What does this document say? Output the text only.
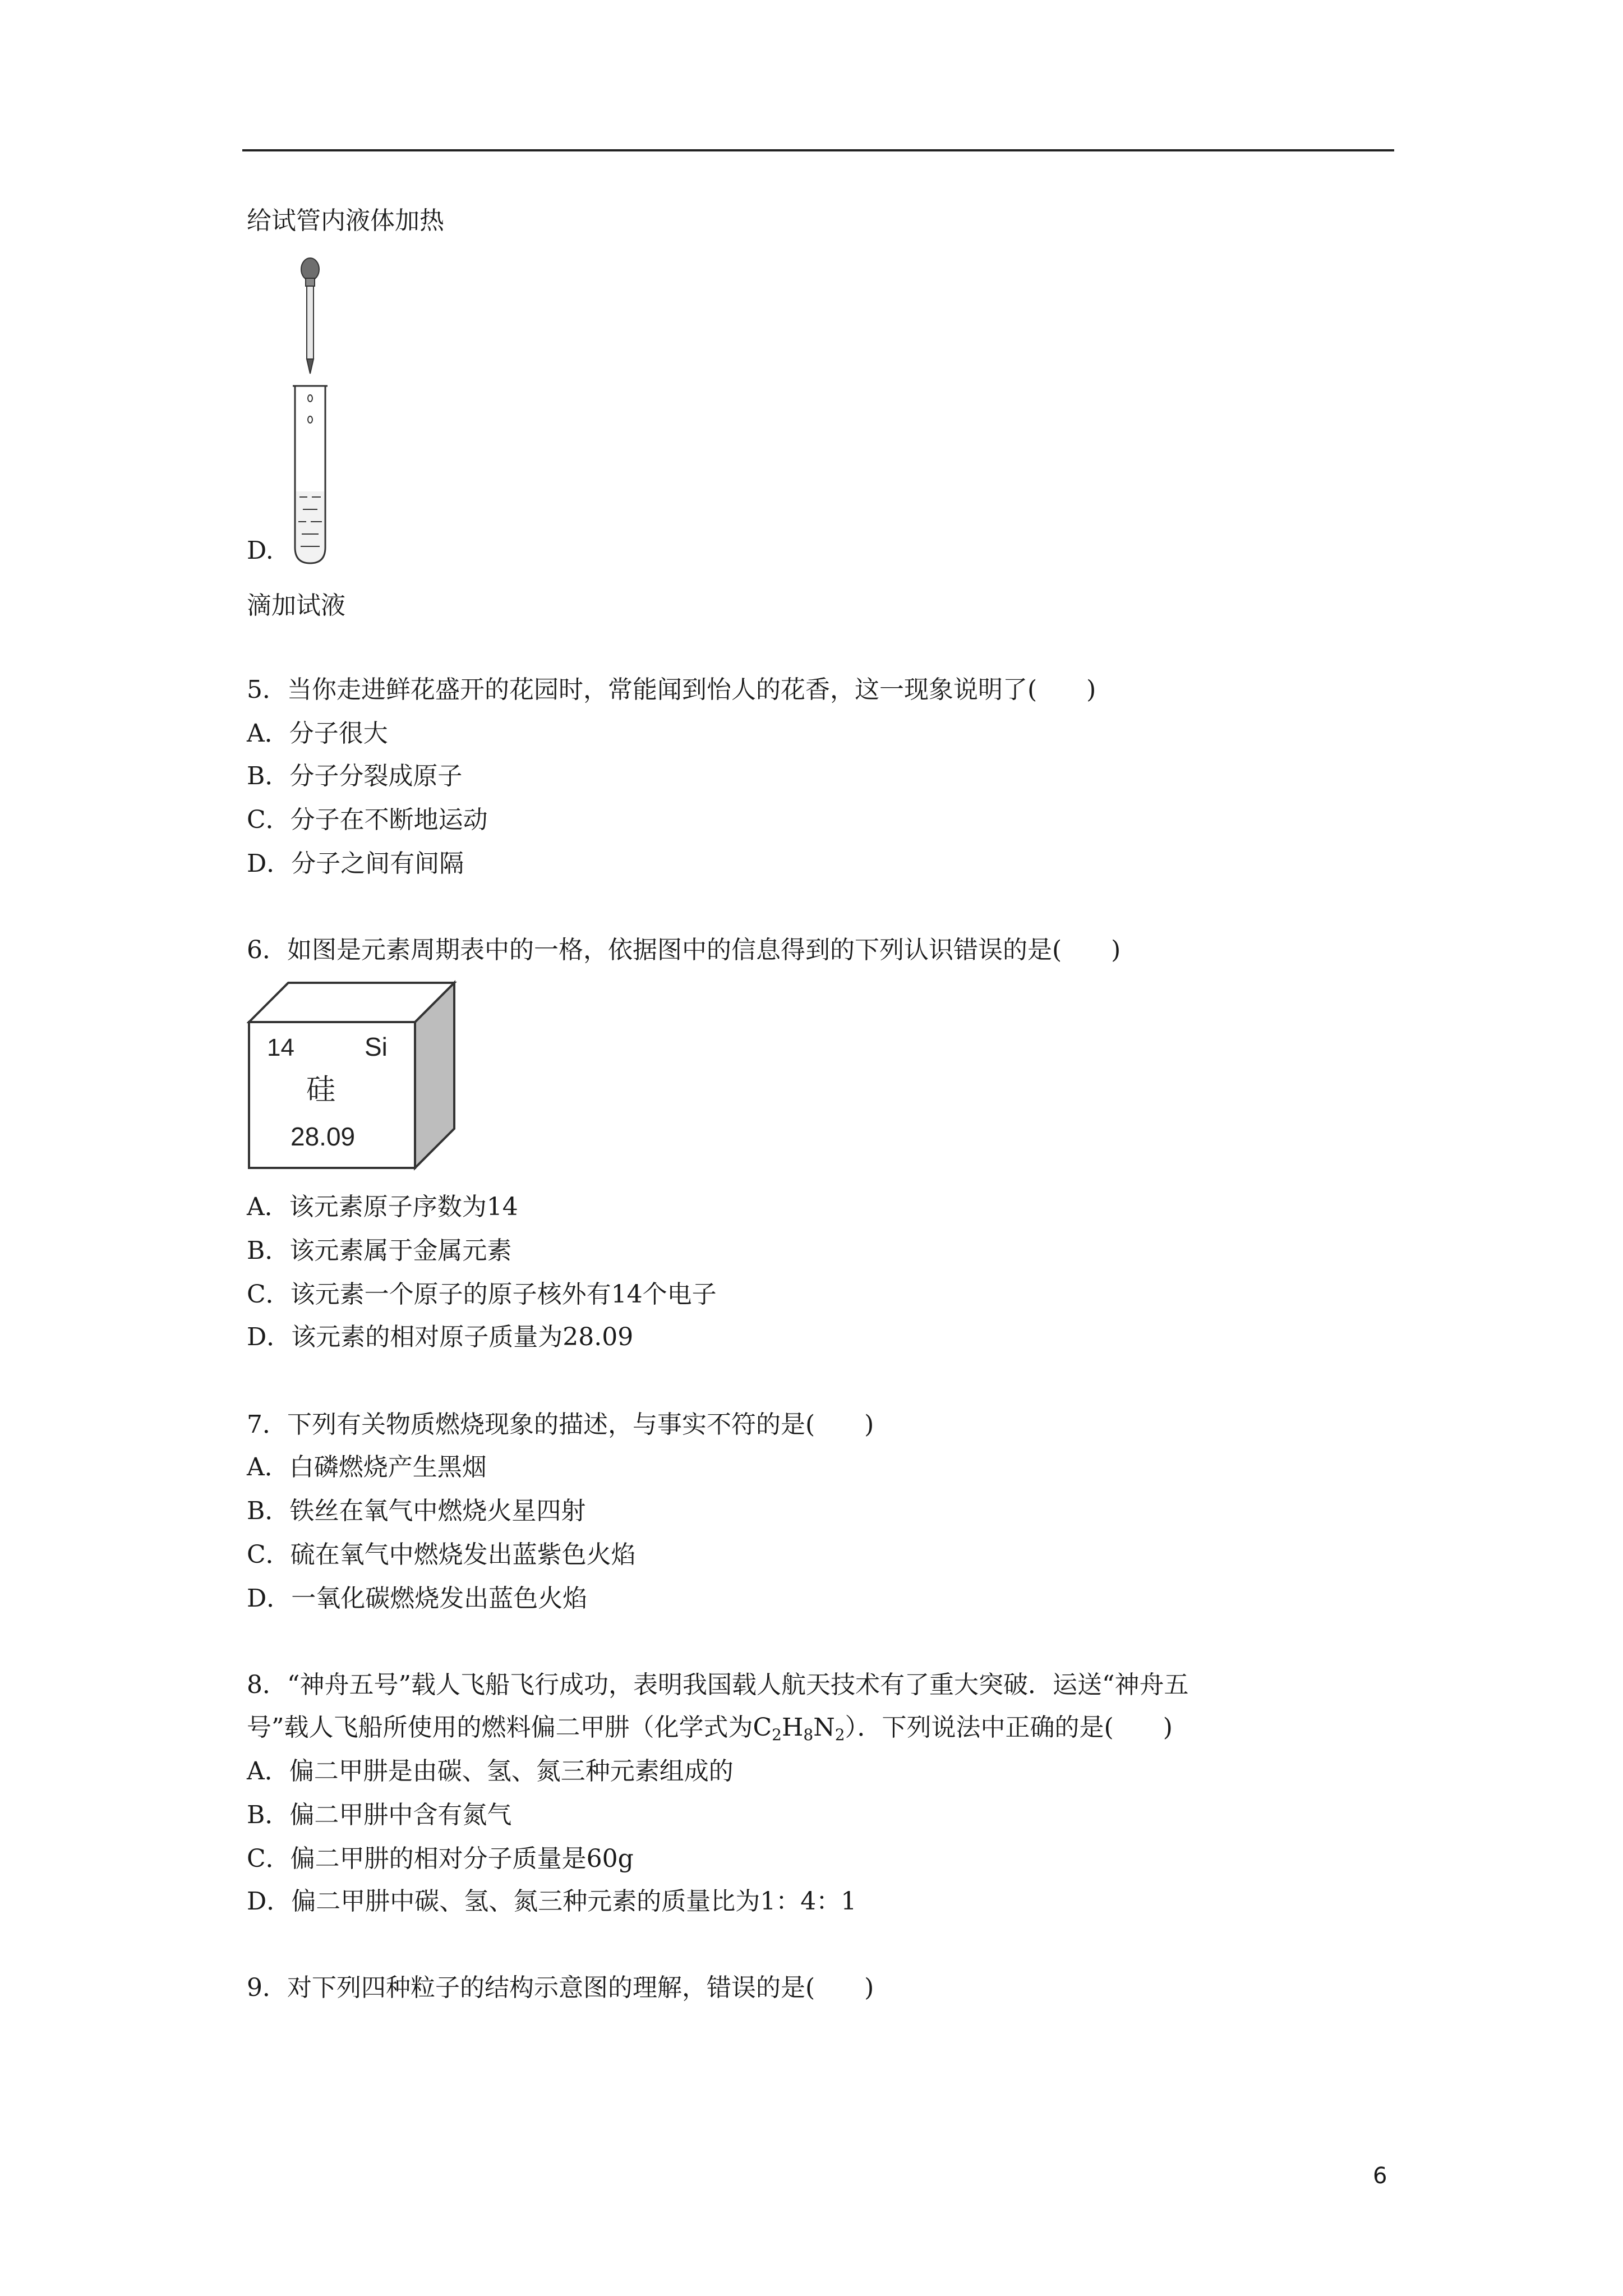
给试管内液体加热
D.
滴加试液
5．当你走进鲜花盛开的花园时，常能闻到怡人的花香，这一现象说明了(　　)
A．分子很大
B．分子分裂成原子
C．分子在不断地运动
D．分子之间有间隔
6．如图是元素周期表中的一格，依据图中的信息得到的下列认识错误的是(　　)
14	Si
硅
28.09
A．该元素原子序数为14
B．该元素属于金属元素
C．该元素一个原子的原子核外有14个电子
D．该元素的相对原子质量为28.09
7．下列有关物质燃烧现象的描述，与事实不符的是(　　)
A．白磷燃烧产生黑烟
B．铁丝在氧气中燃烧火星四射
C．硫在氧气中燃烧发出蓝紫色火焰
D．一氧化碳燃烧发出蓝色火焰
8．“神舟五号”载人飞船飞行成功，表明我国载人航天技术有了重大突破．运送“神舟五
号”载人飞船所使用的燃料偏二甲肼（化学式为$C_2H_8N_2$）．下列说法中正确的是(　　)
A．偏二甲肼是由碳、氢、氮三种元素组成的
B．偏二甲肼中含有氮气
C．偏二甲肼的相对分子质量是60g
D．偏二甲肼中碳、氢、氮三种元素的质量比为1：4：1
9．对下列四种粒子的结构示意图的理解，错误的是(　　)
6
